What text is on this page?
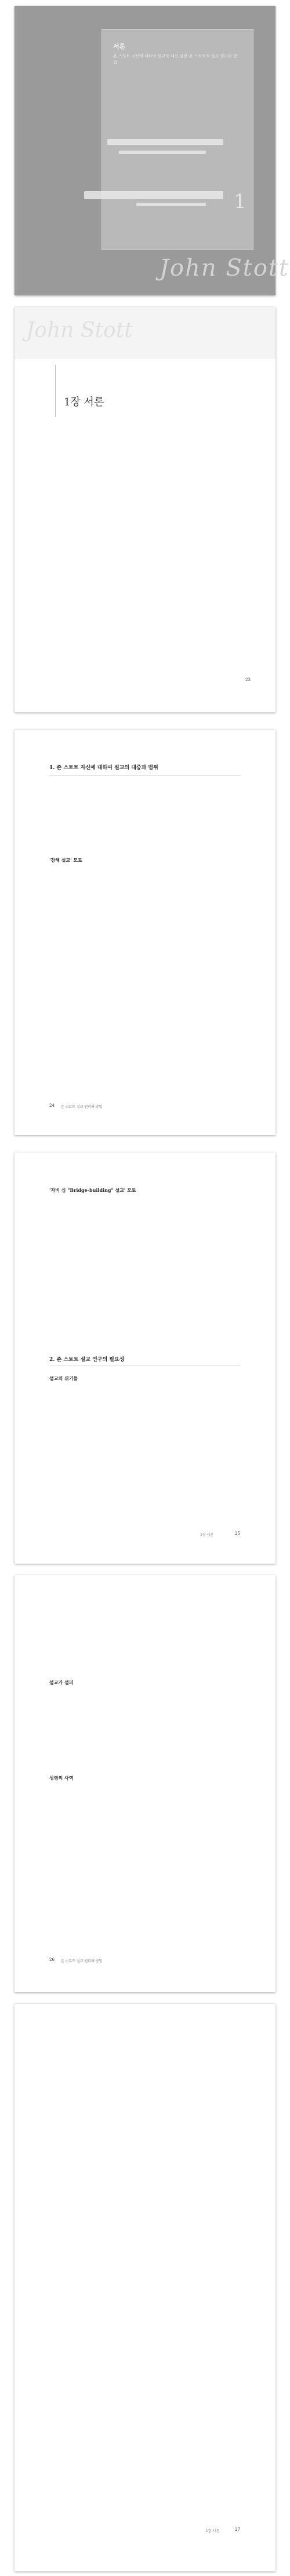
서론
존 스토트 자신에 대하여 설교자 대신 말한 존 스토트의 설교 원리와 방법
1
John Stott
John Stott
1장 서론
23
1. 존 스토트 자신에 대하여 설교의 대중과 범위
'강해 설교' 모토
24 존 스토트 설교 원리와 방법
'자비 심 "Bridge-building" 설교' 모토
2. 존 스토트 설교 연구의 필요성
설교의 위기들
1장 서론	25
설교가 설피
성령의 사역
26 존 스토트 설교 원리와 방법
1장 서론	27
